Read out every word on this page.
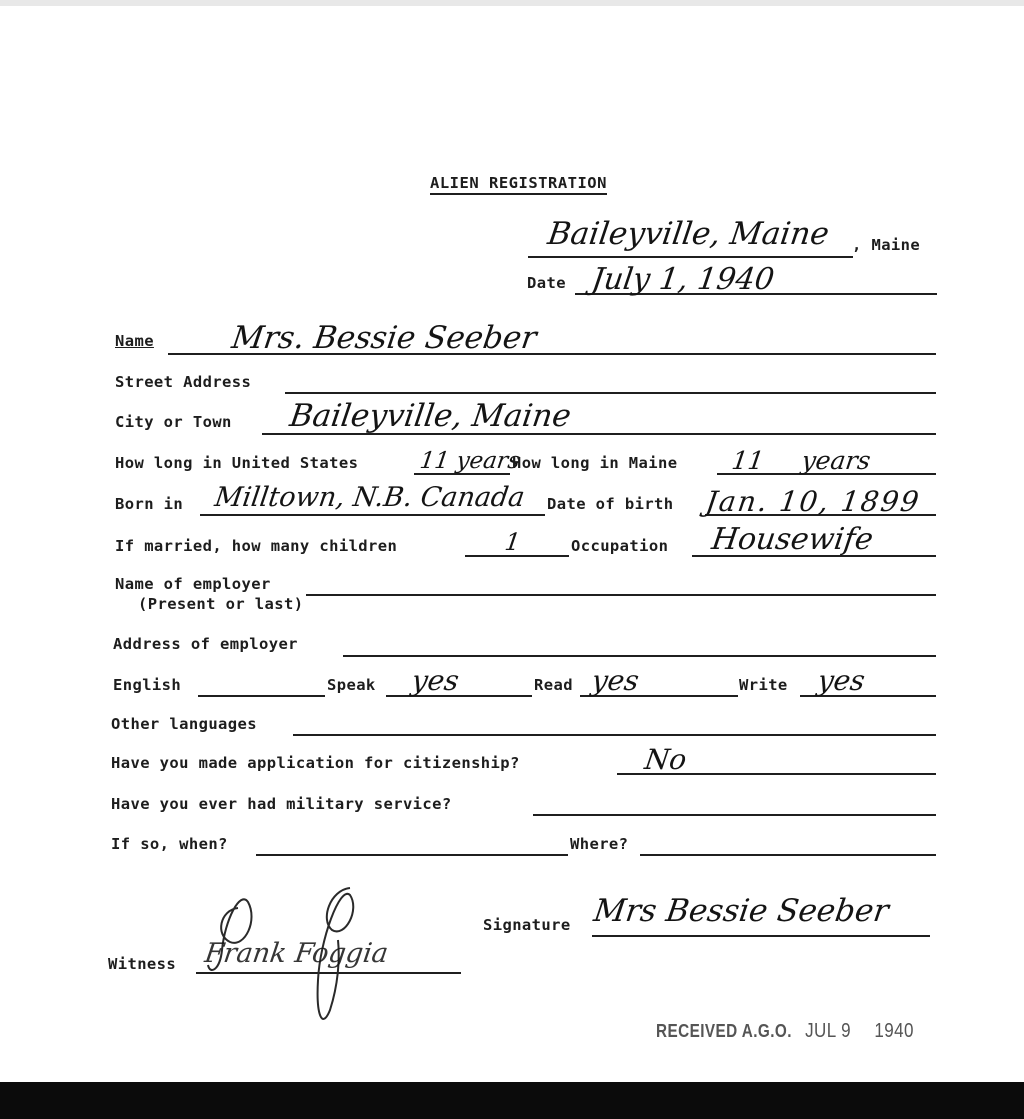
ALIEN REGISTRATION
Baileyville, Maine , Maine
Date July 1, 1940
Name Mrs. Bessie Seeber
Street Address
City or Town Baileyville, Maine
How long in United States	11 years
How long in Maine 11 years
Born in Milltown, N.B. Canada Date of birth Jan. 10, 1899
If married, how many children	1	Occupation Housewife
Name of employer
(Present or last)
Address of employer
English	Speak yes	Read yes	Write yes
Other languages
Have you made application for citizenship?	No
Have you ever had military service?
If so, when?	Where?
Signature Mrs Bessie Seeber
Witness Frank Foggia
RECEIVED A.G.O. JUL 9 1940
